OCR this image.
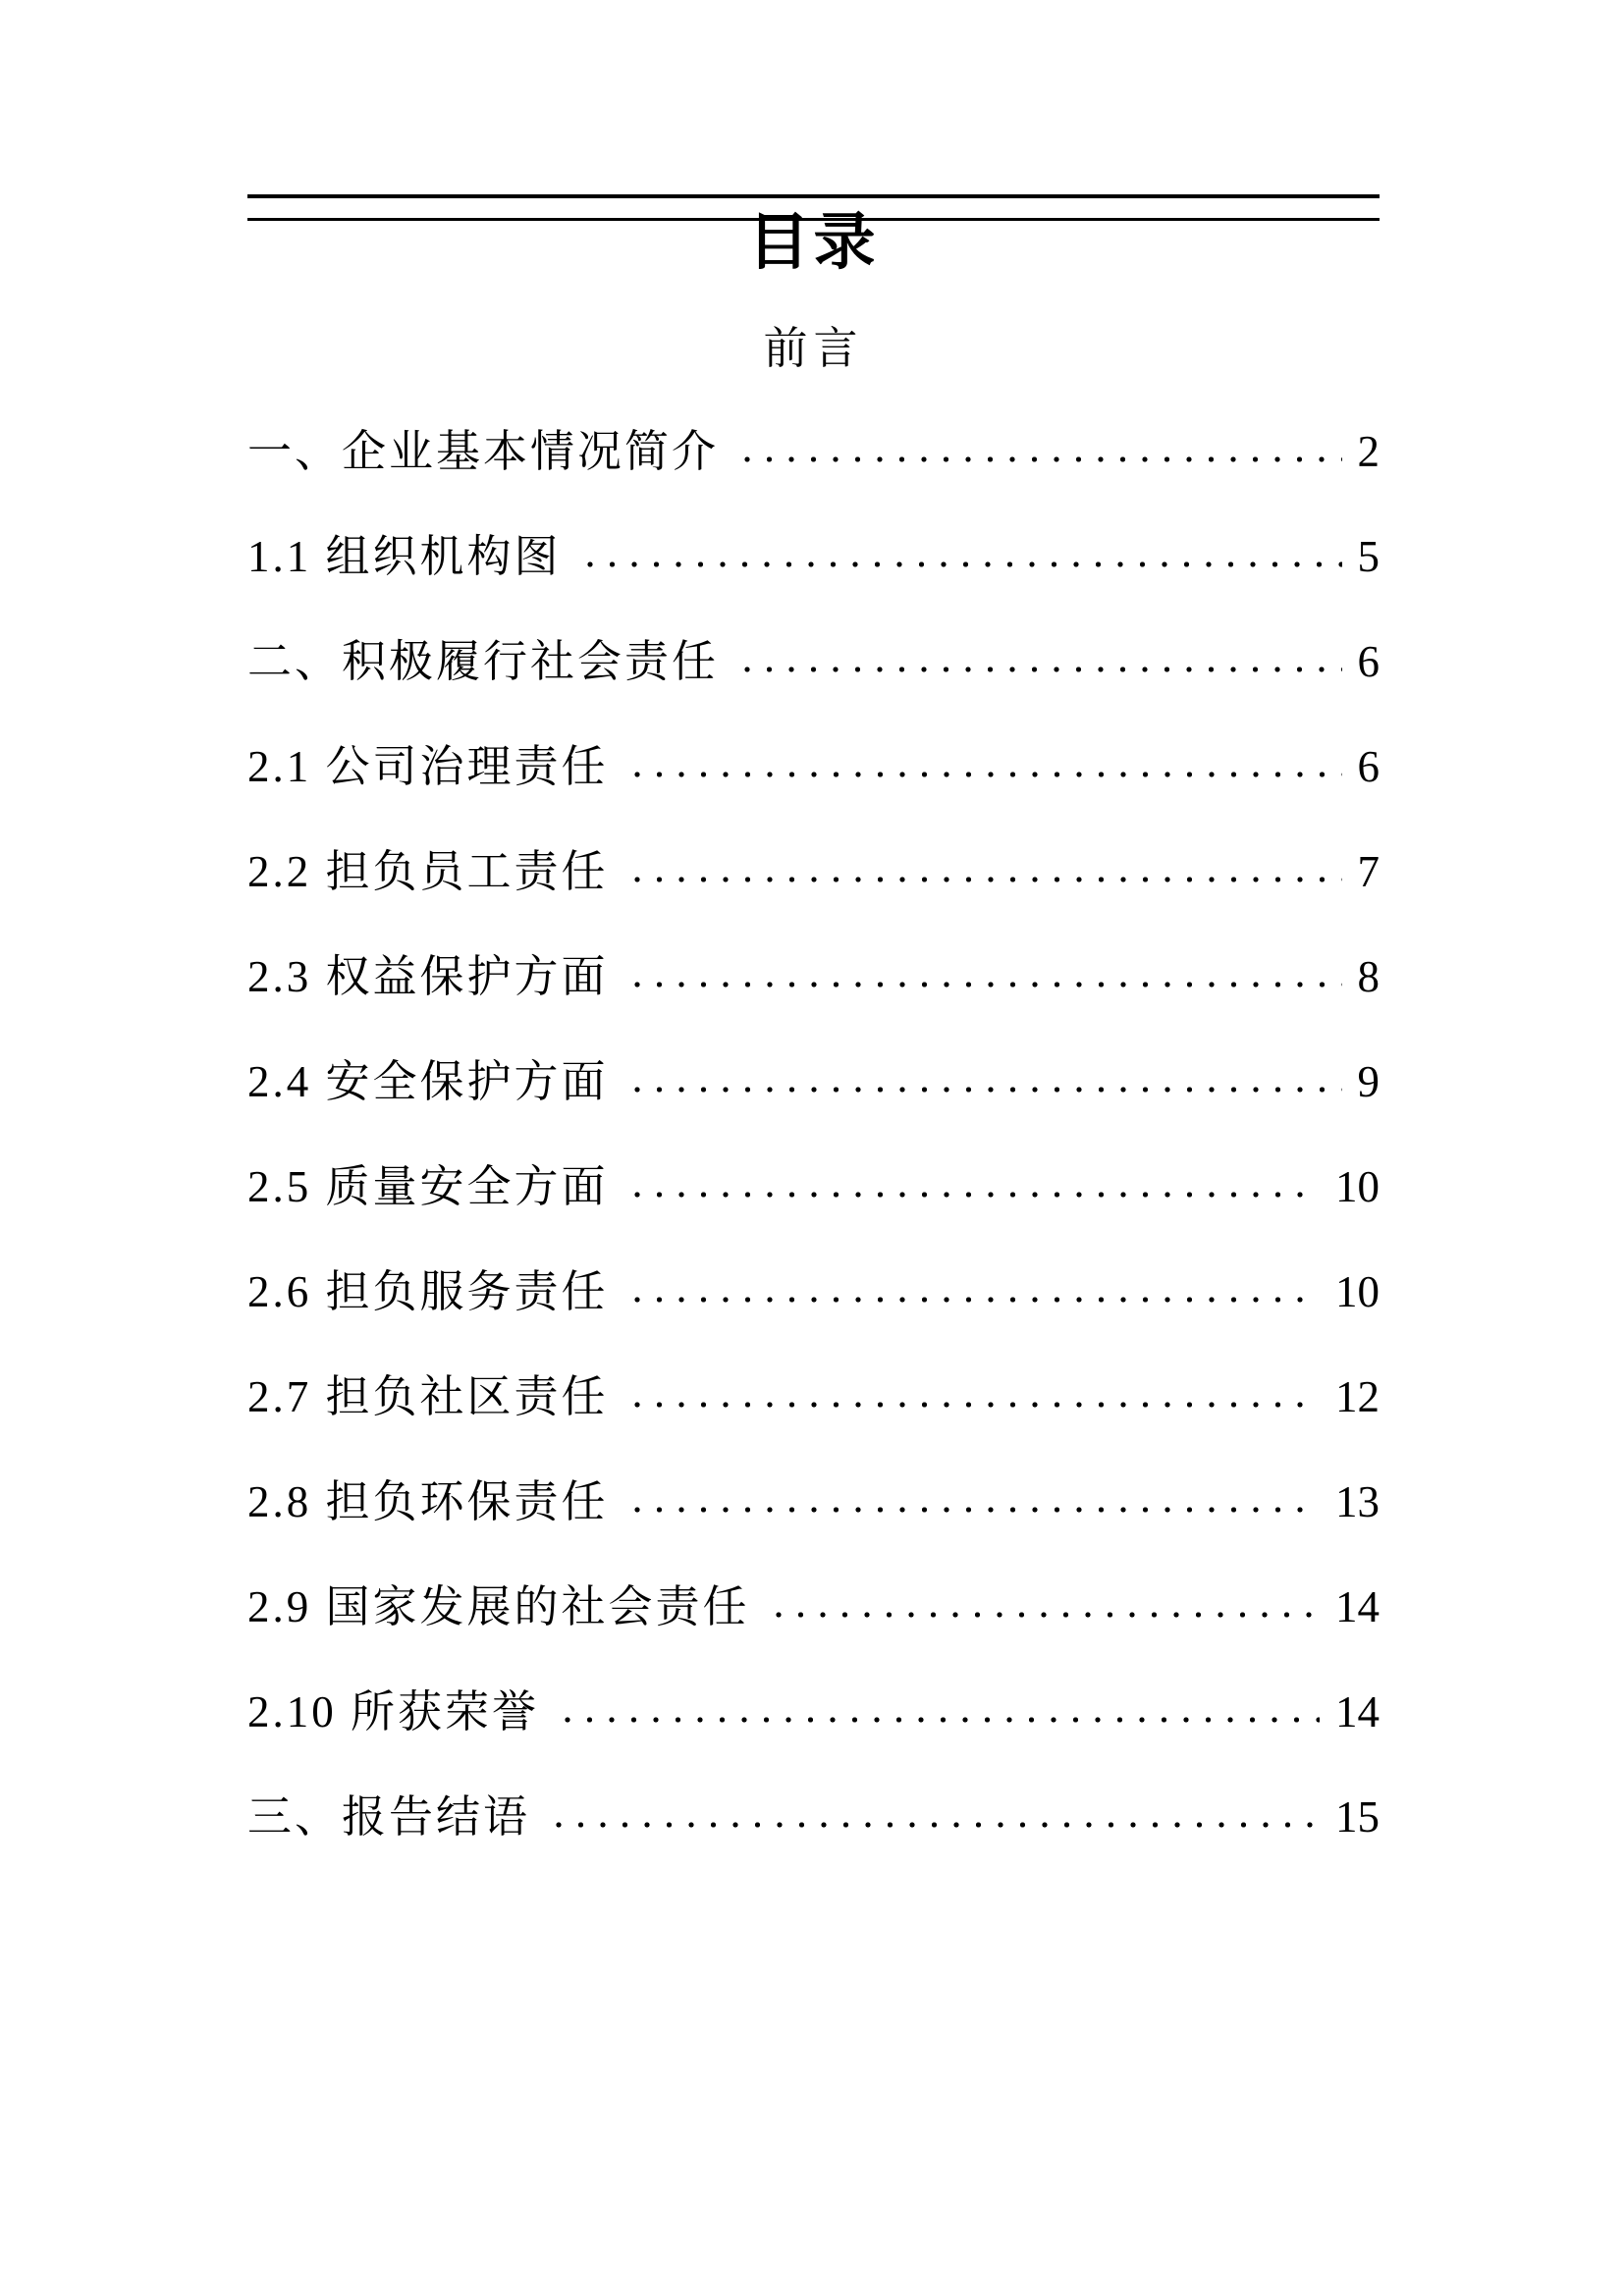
目录
前言
一、企业基本情况简介	2
1.1 组织机构图	5
二、积极履行社会责任	6
2.1 公司治理责任	6
2.2 担负员工责任	7
2.3 权益保护方面	8
2.4 安全保护方面	9
2.5 质量安全方面	10
2.6 担负服务责任	10
2.7 担负社区责任	12
2.8 担负环保责任	13
2.9 国家发展的社会责任	14
2.10 所获荣誉	14
三、报告结语	15
